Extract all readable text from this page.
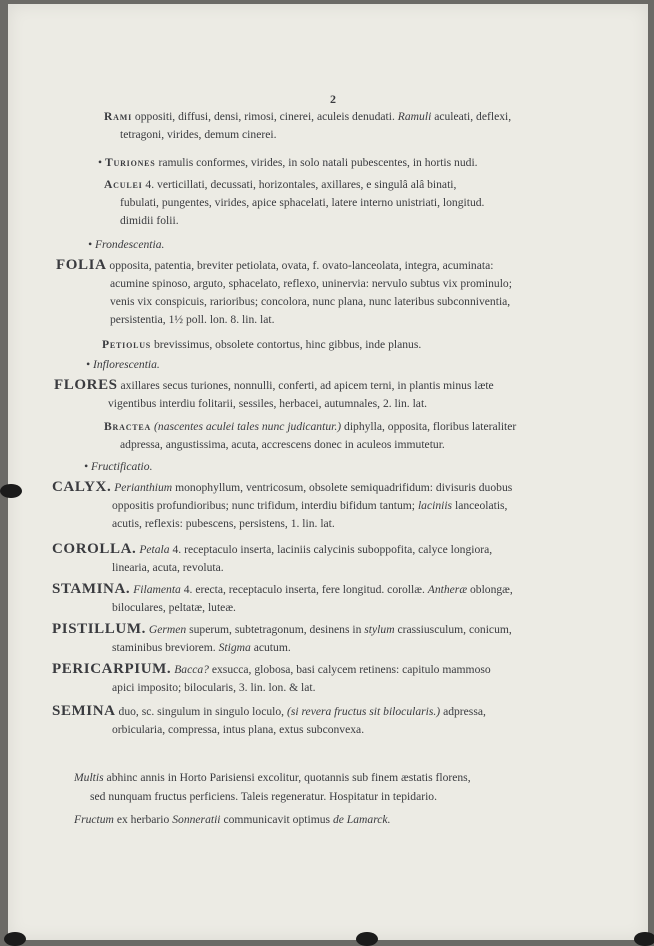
2
Rami oppositi, diffusi, densi, rimosi, cinerei, aculeis denudati. Ramuli aculeati, deflexi,
tetragoni, virides, demum cinerei.
• Turiones ramulis conformes, virides, in solo natali pubescentes, in hortis nudi.
Aculei 4. verticillati, decussati, horizontales, axillares, e singulâ alâ binati,
fubulati, pungentes, virides, apice sphacelati, latere interno unistriati, longitud.
dimidii folii.
• Frondescentia.
FOLIA opposita, patentia, breviter petiolata, ovata, f. ovato-lanceolata, integra, acuminata:
acumine spinoso, arguto, sphacelato, reflexo, uninervia: nervulo subtus vix prominulo;
venis vix conspicuis, rarioribus; concolora, nunc plana, nunc lateribus subconniventia,
persistentia, 1½ poll. lon. 8. lin. lat.
Petiolus brevissimus, obsolete contortus, hinc gibbus, inde planus.
• Inflorescentia.
FLORES axillares secus turiones, nonnulli, conferti, ad apicem terni, in plantis minus læte
vigentibus interdiu folitarii, sessiles, herbacei, autumnales, 2. lin. lat.
Bractea (nascentes aculei tales nunc judicantur.) diphylla, opposita, floribus lateraliter
adpressa, angustissima, acuta, accrescens donec in aculeos immutetur.
• Fructificatio.
CALYX. Perianthium monophyllum, ventricosum, obsolete semiquadrifidum: divisuris duobus
oppositis profundioribus; nunc trifidum, interdiu bifidum tantum; laciniis lanceolatis,
acutis, reflexis: pubescens, persistens, 1. lin. lat.
COROLLA. Petala 4. receptaculo inserta, laciniis calycinis suboppofita, calyce longiora,
linearia, acuta, revoluta.
STAMINA. Filamenta 4. erecta, receptaculo inserta, fere longitud. corollæ. Antheræ oblongæ,
biloculares, peltatæ, luteæ.
PISTILLUM. Germen superum, subtetragonum, desinens in stylum crassiusculum, conicum,
staminibus breviorem. Stigma acutum.
PERICARPIUM. Bacca? exsucca, globosa, basi calycem retinens: capitulo mammoso
apici imposito; bilocularis, 3. lin. lon. & lat.
SEMINA duo, sc. singulum in singulo loculo, (si revera fructus sit bilocularis.) adpressa,
orbicularia, compressa, intus plana, extus subconvexa.
Multis abhinc annis in Horto Parisiensi excolitur, quotannis sub finem æstatis florens,
sed nunquam fructus perficiens. Taleis regeneratur. Hospitatur in tepidario.
Fructum ex herbario Sonneratii communicavit optimus de Lamarck.
